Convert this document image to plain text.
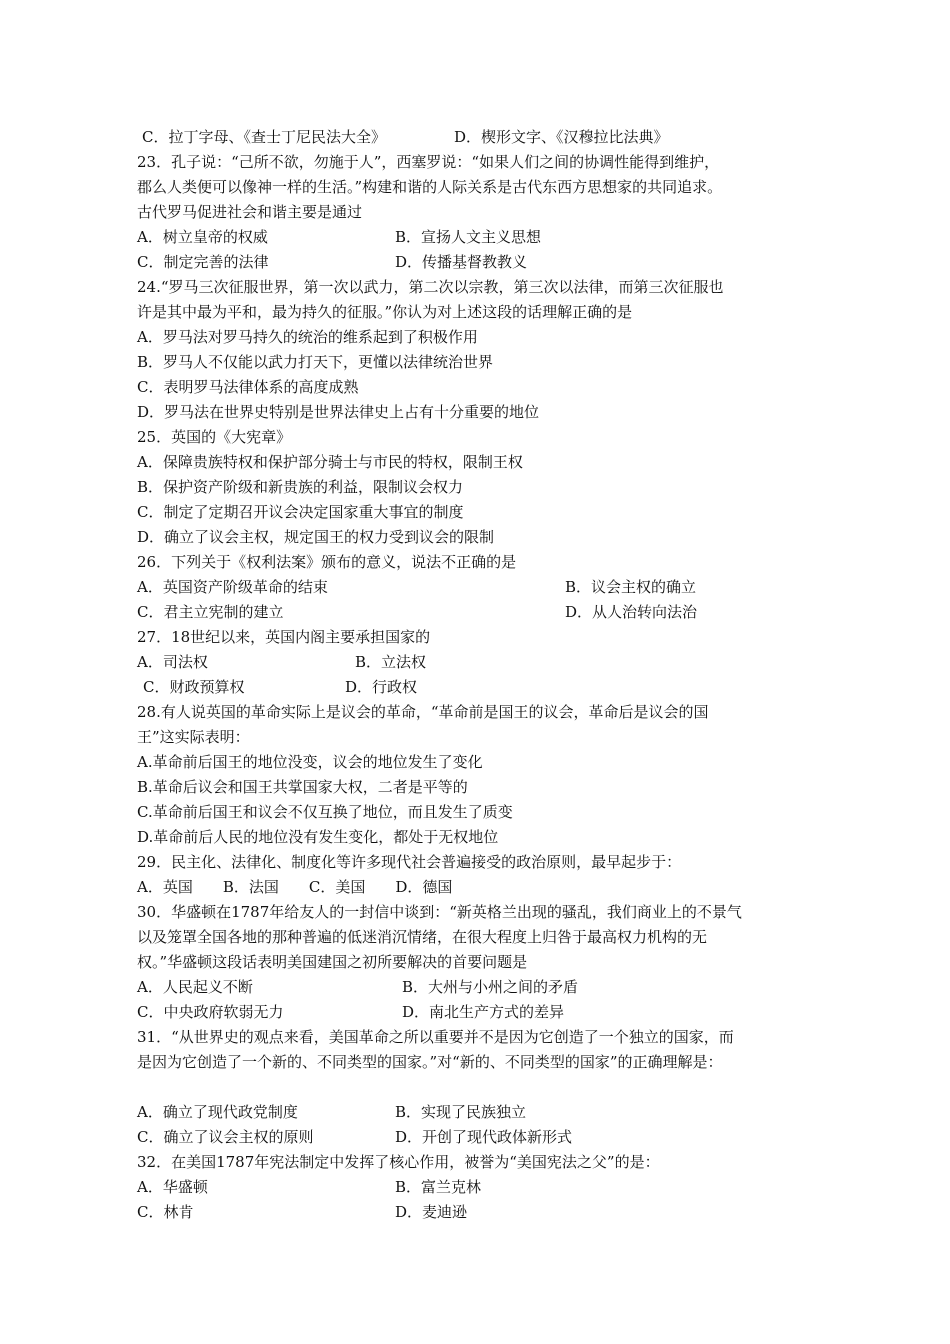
C．拉丁字母、《查士丁尼民法大全》	D．楔形文字、《汉穆拉比法典》
23．孔子说：“己所不欲，勿施于人”，西塞罗说：“如果人们之间的协调性能得到维护，
郡么人类便可以像神一样的生活。”构建和谐的人际关系是古代东西方思想家的共同追求。
古代罗马促进社会和谐主要是通过
A．树立皇帝的权威	B．宣扬人文主义思想
C．制定完善的法律	D．传播基督教教义
24.“罗马三次征服世界，第一次以武力，第二次以宗教，第三次以法律，而第三次征服也
许是其中最为平和，最为持久的征服。”你认为对上述这段的话理解正确的是
A．罗马法对罗马持久的统治的维系起到了积极作用
B．罗马人不仅能以武力打天下，更懂以法律统治世界
C．表明罗马法律体系的高度成熟
D．罗马法在世界史特别是世界法律史上占有十分重要的地位
25．英国的《大宪章》
A．保障贵族特权和保护部分骑士与市民的特权，限制王权
B．保护资产阶级和新贵族的利益，限制议会权力
C．制定了定期召开议会决定国家重大事宜的制度
D．确立了议会主权，规定国王的权力受到议会的限制
26．下列关于《权利法案》颁布的意义，说法不正确的是
A．英国资产阶级革命的结束	B．议会主权的确立
C．君主立宪制的建立	D．从人治转向法治
27．18世纪以来，英国内阁主要承担国家的
A．司法权	B．立法权
C．财政预算权	D．行政权
28.有人说英国的革命实际上是议会的革命，“革命前是国王的议会，革命后是议会的国
王”这实际表明：
A.革命前后国王的地位没变，议会的地位发生了变化
B.革命后议会和国王共掌国家大权，二者是平等的
C.革命前后国王和议会不仅互换了地位，而且发生了质变
D.革命前后人民的地位没有发生变化，都处于无权地位
29．民主化、法律化、制度化等许多现代社会普遍接受的政治原则，最早起步于：
A．英国　　B．法国　　C．美国　　D．德国
30．华盛顿在1787年给友人的一封信中谈到：“新英格兰出现的骚乱，我们商业上的不景气
以及笼罩全国各地的那种普遍的低迷消沉情绪，在很大程度上归咎于最高权力机构的无
权。”华盛顿这段话表明美国建国之初所要解决的首要问题是
A．人民起义不断	B．大州与小州之间的矛盾
C．中央政府软弱无力	D．南北生产方式的差异
31．“从世界史的观点来看，美国革命之所以重要并不是因为它创造了一个独立的国家，而
是因为它创造了一个新的、不同类型的国家。”对“新的、不同类型的国家”的正确理解是：
A．确立了现代政党制度	B．实现了民族独立
C．确立了议会主权的原则	D．开创了现代政体新形式
32．在美国1787年宪法制定中发挥了核心作用，被誉为“美国宪法之父”的是：
A．华盛顿	B．富兰克林
C．林肯	D．麦迪逊
